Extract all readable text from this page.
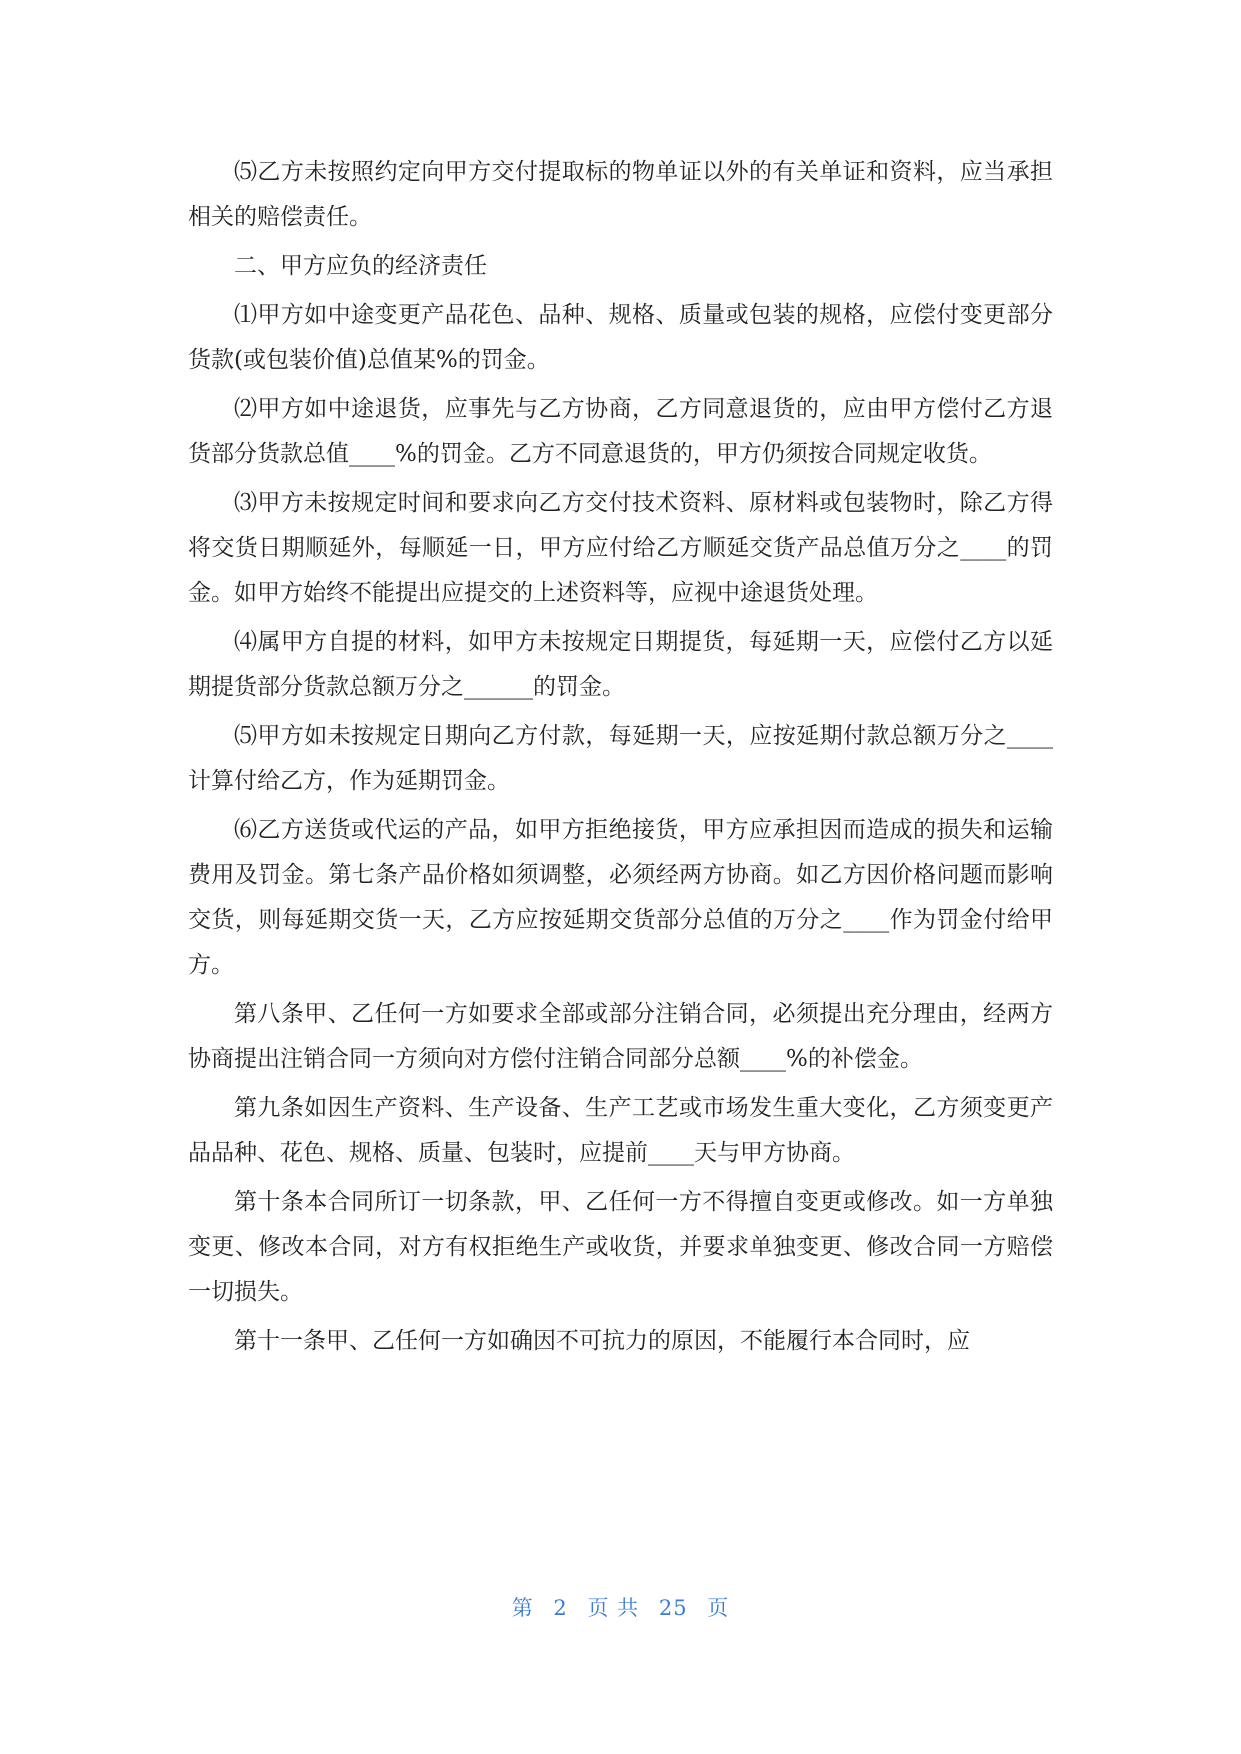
⑸乙方未按照约定向甲方交付提取标的物单证以外的有关单证和资料，应当承担相关的赔偿责任。

二、甲方应负的经济责任

⑴甲方如中途变更产品花色、品种、规格、质量或包装的规格，应偿付变更部分货款(或包装价值)总值某%的罚金。

⑵甲方如中途退货，应事先与乙方协商，乙方同意退货的，应由甲方偿付乙方退货部分货款总值____%的罚金。乙方不同意退货的，甲方仍须按合同规定收货。

⑶甲方未按规定时间和要求向乙方交付技术资料、原材料或包装物时，除乙方得将交货日期顺延外，每顺延一日，甲方应付给乙方顺延交货产品总值万分之____的罚金。如甲方始终不能提出应提交的上述资料等，应视中途退货处理。

⑷属甲方自提的材料，如甲方未按规定日期提货，每延期一天，应偿付乙方以延期提货部分货款总额万分之______的罚金。

⑸甲方如未按规定日期向乙方付款，每延期一天，应按延期付款总额万分之____计算付给乙方，作为延期罚金。

⑹乙方送货或代运的产品，如甲方拒绝接货，甲方应承担因而造成的损失和运输费用及罚金。第七条产品价格如须调整，必须经两方协商。如乙方因价格问题而影响交货，则每延期交货一天，乙方应按延期交货部分总值的万分之____作为罚金付给甲方。

第八条甲、乙任何一方如要求全部或部分注销合同，必须提出充分理由，经两方协商提出注销合同一方须向对方偿付注销合同部分总额____%的补偿金。

第九条如因生产资料、生产设备、生产工艺或市场发生重大变化，乙方须变更产品品种、花色、规格、质量、包装时，应提前____天与甲方协商。

第十条本合同所订一切条款，甲、乙任何一方不得擅自变更或修改。如一方单独变更、修改本合同，对方有权拒绝生产或收货，并要求单独变更、修改合同一方赔偿一切损失。

第十一条甲、乙任何一方如确因不可抗力的原因，不能履行本合同时，应

第 2 页 共 25 页
